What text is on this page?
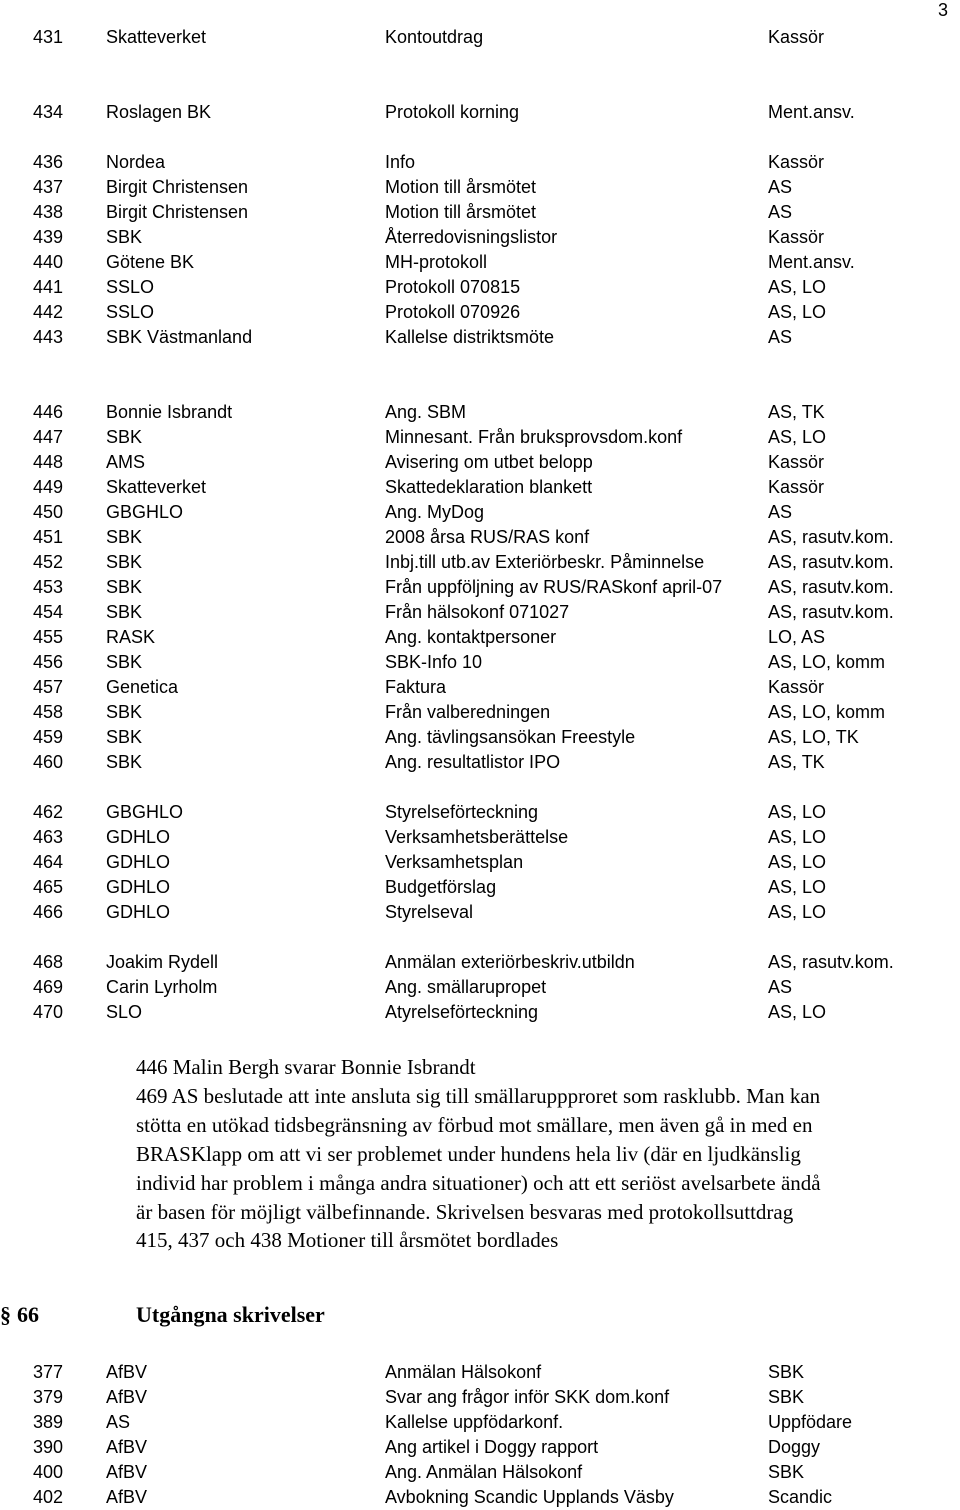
3
431 Skatteverket	Kontoutdrag	Kassör
434 Roslagen BK	Protokoll korning	Ment.ansv.
436 Nordea	Info	Kassör
437 Birgit Christensen	Motion till årsmötet	AS
438 Birgit Christensen	Motion till årsmötet	AS
439 SBK	Återredovisningslistor	Kassör
440 Götene BK	MH-protokoll	Ment.ansv.
441 SSLO	Protokoll 070815	AS, LO
442 SSLO	Protokoll 070926	AS, LO
443 SBK Västmanland	Kallelse distriktsmöte	AS
446 Bonnie Isbrandt	Ang. SBM	AS, TK
447 SBK	Minnesant. Från bruksprovsdom.konf	AS, LO
448 AMS	Avisering om utbet belopp	Kassör
449 Skatteverket	Skattedeklaration blankett	Kassör
450 GBGHLO	Ang. MyDog	AS
451 SBK	2008 årsa RUS/RAS konf	AS, rasutv.kom.
452 SBK	Inbj.till utb.av Exteriörbeskr. Påminnelse	AS, rasutv.kom.
453 SBK	Från uppföljning av RUS/RASkonf april-07	AS, rasutv.kom.
454 SBK	Från hälsokonf 071027	AS, rasutv.kom.
455 RASK	Ang. kontaktpersoner	LO, AS
456 SBK	SBK-Info 10	AS, LO, komm
457 Genetica	Faktura	Kassör
458 SBK	Från valberedningen	AS, LO, komm
459 SBK	Ang. tävlingsansökan Freestyle	AS, LO, TK
460 SBK	Ang. resultatlistor IPO	AS, TK
462 GBGHLO	Styrelseförteckning	AS, LO
463 GDHLO	Verksamhetsberättelse	AS, LO
464 GDHLO	Verksamhetsplan	AS, LO
465 GDHLO	Budgetförslag	AS, LO
466 GDHLO	Styrelseval	AS, LO
468 Joakim Rydell	Anmälan exteriörbeskriv.utbildn	AS, rasutv.kom.
469 Carin Lyrholm	Ang. smällarupropet	AS
470 SLO	Atyrelseförteckning	AS, LO
446 Malin Bergh svarar Bonnie Isbrandt
469 AS beslutade att inte ansluta sig till smällaruppproret som rasklubb. Man kan
stötta en utökad tidsbegränsning av förbud mot smällare, men även gå in med en
BRASKlapp om att vi ser problemet under hundens hela liv (där en ljudkänslig
individ har problem i många andra situationer) och att ett seriöst avelsarbete ändå
är basen för möjligt välbefinnande. Skrivelsen besvaras med protokollsuttdrag
415, 437 och 438 Motioner till årsmötet bordlades
§ 66	Utgångna skrivelser
377 AfBV	Anmälan Hälsokonf	SBK
379 AfBV	Svar ang frågor inför SKK dom.konf	SBK
389 AS	Kallelse uppfödarkonf.	Uppfödare
390 AfBV	Ang artikel i Doggy rapport	Doggy
400 AfBV	Ang. Anmälan Hälsokonf	SBK
402 AfBV	Avbokning Scandic Upplands Väsby	Scandic
